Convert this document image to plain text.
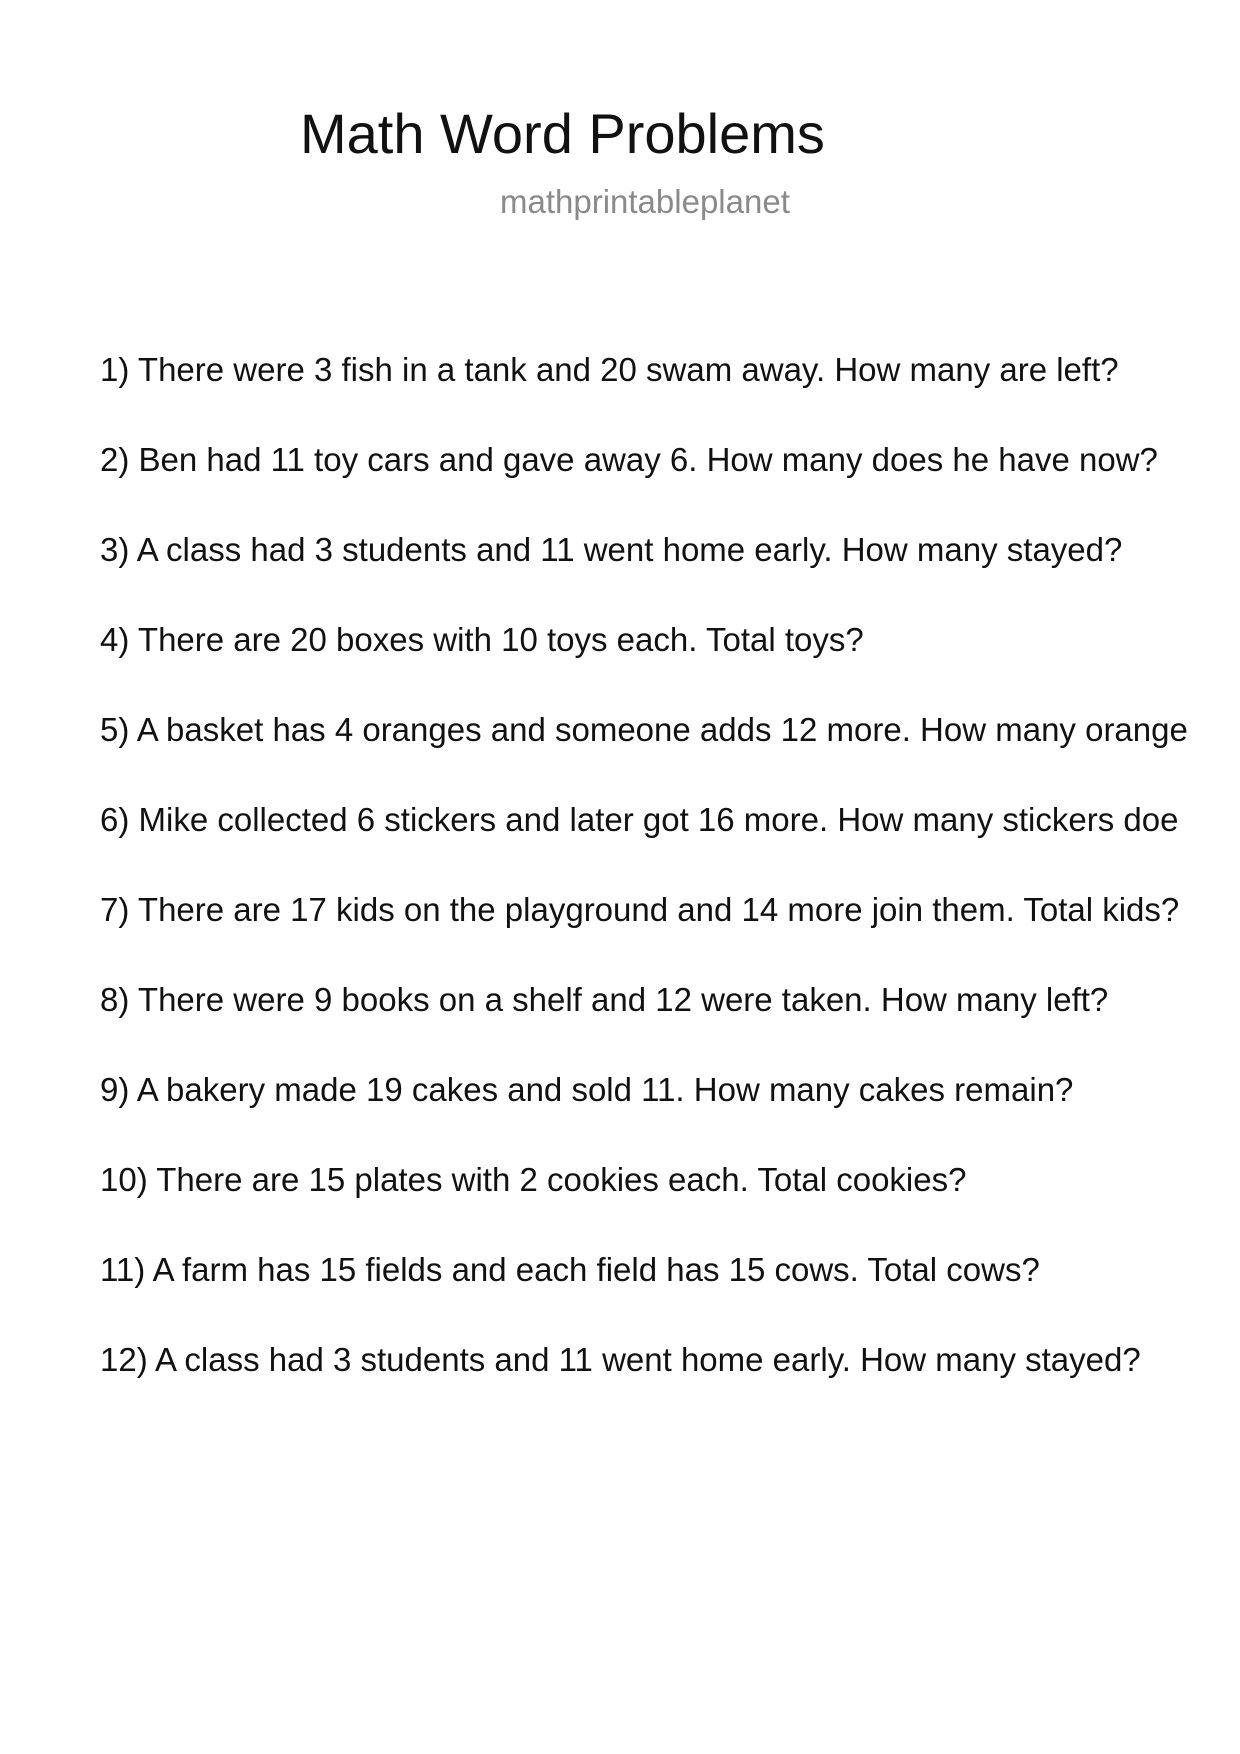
Math Word Problems
mathprintableplanet
1) There were 3 fish in a tank and 20 swam away. How many are left?
2) Ben had 11 toy cars and gave away 6. How many does he have now?
3) A class had 3 students and 11 went home early. How many stayed?
4) There are 20 boxes with 10 toys each. Total toys?
5) A basket has 4 oranges and someone adds 12 more. How many orange
6) Mike collected 6 stickers and later got 16 more. How many stickers doe
7) There are 17 kids on the playground and 14 more join them. Total kids?
8) There were 9 books on a shelf and 12 were taken. How many left?
9) A bakery made 19 cakes and sold 11. How many cakes remain?
10) There are 15 plates with 2 cookies each. Total cookies?
11) A farm has 15 fields and each field has 15 cows. Total cows?
12) A class had 3 students and 11 went home early. How many stayed?
